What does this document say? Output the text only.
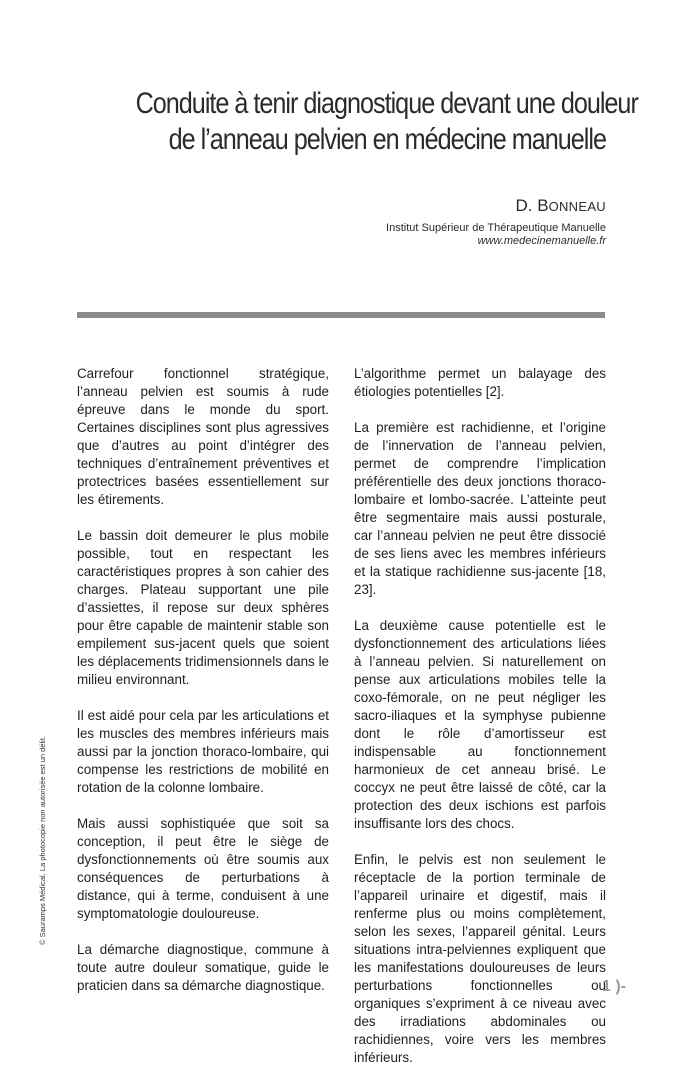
Conduite à tenir diagnostique devant une douleur
de l’anneau pelvien en médecine manuelle
D. BONNEAU
Institut Supérieur de Thérapeutique Manuelle
www.medecinemanuelle.fr

Carrefour fonctionnel stratégique, l’anneau pelvien est soumis à rude épreuve dans le monde du sport. Certaines disciplines sont plus agressives que d’autres au point d’intégrer des techniques d’entraînement préventives et protectrices basées essentiellement sur les étirements.

Le bassin doit demeurer le plus mobile possible, tout en respectant les caractéristiques propres à son cahier des charges. Plateau supportant une pile d’assiettes, il repose sur deux sphères pour être capable de maintenir stable son empilement sus-jacent quels que soient les déplacements tridimensionnels dans le milieu environnant.

Il est aidé pour cela par les articulations et les muscles des membres inférieurs mais aussi par la jonction thoraco-lombaire, qui compense les restrictions de mobilité en rotation de la colonne lombaire.

Mais aussi sophistiquée que soit sa conception, il peut être le siège de dysfonctionnements où être soumis aux conséquences de perturbations à distance, qui à terme, conduisent à une symptomatologie douloureuse.

La démarche diagnostique, commune à toute autre douleur somatique, guide le praticien dans sa démarche diagnostique.

L’algorithme permet un balayage des étiologies potentielles [2].

La première est rachidienne, et l’origine de l’innervation de l’anneau pelvien, permet de comprendre l’implication préférentielle des deux jonctions thoraco-lombaire et lombo-sacrée. L’atteinte peut être segmentaire mais aussi posturale, car l’anneau pelvien ne peut être dissocié de ses liens avec les membres inférieurs et la statique rachidienne sus-jacente [18, 23].

La deuxième cause potentielle est le dysfonctionnement des articulations liées à l’anneau pelvien. Si naturellement on pense aux articulations mobiles telle la coxo-fémorale, on ne peut négliger les sacro-iliaques et la symphyse pubienne dont le rôle d’amortisseur est indispensable au fonctionnement harmonieux de cet anneau brisé. Le coccyx ne peut être laissé de côté, car la protection des deux ischions est parfois insuffisante lors des chocs.

Enfin, le pelvis est non seulement le réceptаcle de la portion terminale de l’appareil urinaire et digestif, mais il renferme plus ou moins complètement, selon les sexes, l’appareil génital. Leurs situations intra-pelviennes expliquent que les manifestations douloureuses de leurs perturbations fonctionnelles ou organiques s’expriment à ce niveau avec des irradiations abdominales ou rachidiennes, voire vers les membres inférieurs.

© Sauramps Médical. La photocopie non autorisée est un délit.
1 )-
